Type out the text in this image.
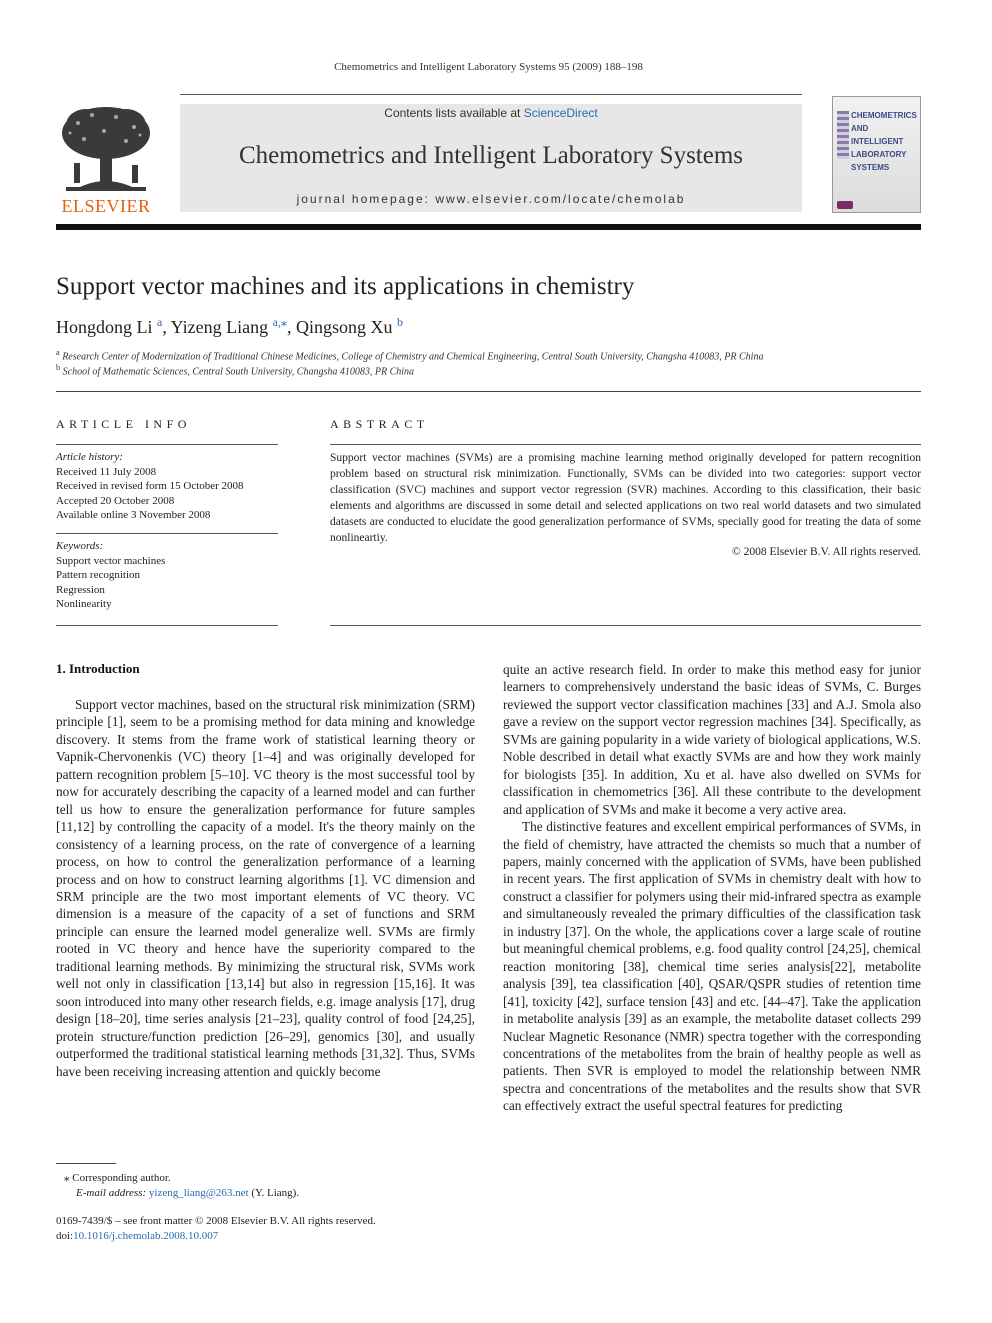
Chemometrics and Intelligent Laboratory Systems 95 (2009) 188–198
ELSEVIER
Contents lists available at ScienceDirect
Chemometrics and Intelligent Laboratory Systems
journal homepage: www.elsevier.com/locate/chemolab
CHEMOMETRICS
AND INTELLIGENT
LABORATORY
SYSTEMS
Support vector machines and its applications in chemistry
Hongdong Li $^a$, Yizeng Liang $^{a,⁎}$, Qingsong Xu $^b$
$^a$ Research Center of Modernization of Traditional Chinese Medicines, College of Chemistry and Chemical Engineering, Central South University, Changsha 410083, PR China
$^b$ School of Mathematic Sciences, Central South University, Changsha 410083, PR China
ARTICLE INFO	ABSTRACT
Article history:
Received 11 July 2008
Received in revised form 15 October 2008
Accepted 20 October 2008
Available online 3 November 2008
Keywords:
Support vector machines
Pattern recognition
Regression
Nonlinearity
Support vector machines (SVMs) are a promising machine learning method originally developed for pattern recognition problem based on structural risk minimization. Functionally, SVMs can be divided into two categories: support vector classification (SVC) machines and support vector regression (SVR) machines. According to this classification, their basic elements and algorithms are discussed in some detail and selected applications on two real world datasets and two simulated datasets are conducted to elucidate the good generalization performance of SVMs, specially good for treating the data of some nonlineartiy.
© 2008 Elsevier B.V. All rights reserved.
1. Introduction
Support vector machines, based on the structural risk minimization (SRM) principle [1], seem to be a promising method for data mining and knowledge discovery. It stems from the frame work of statistical learning theory or Vapnik-Chervonenkis (VC) theory [1–4] and was originally developed for pattern recognition problem [5–10]. VC theory is the most successful tool by now for accurately describing the capacity of a learned model and can further tell us how to ensure the generalization performance for future samples [11,12] by controlling the capacity of a model. It's the theory mainly on the consistency of a learning process, on the rate of convergence of a learning process, on how to control the generalization performance of a learning process and on how to construct learning algorithms [1]. VC dimension and SRM principle are the two most important elements of VC theory. VC dimension is a measure of the capacity of a set of functions and SRM principle can ensure the learned model generalize well. SVMs are firmly rooted in VC theory and hence have the superiority compared to the traditional learning methods. By minimizing the structural risk, SVMs work well not only in classification [13,14] but also in regression [15,16]. It was soon introduced into many other research fields, e.g. image analysis [17], drug design [18–20], time series analysis [21–23], quality control of food [24,25], protein structure/function prediction [26–29], genomics [30], and usually outperformed the traditional statistical learning methods [31,32]. Thus, SVMs have been receiving increasing attention and quickly become

quite an active research field. In order to make this method easy for junior learners to comprehensively understand the basic ideas of SVMs, C. Burges reviewed the support vector classification machines [33] and A.J. Smola also gave a review on the support vector regression machines [34]. Specifically, as SVMs are gaining popularity in a wide variety of biological applications, W.S. Noble described in detail what exactly SVMs are and how they work mainly for biologists [35]. In addition, Xu et al. have also dwelled on SVMs for classification in chemometrics [36]. All these contribute to the development and application of SVMs and make it become a very active area.

The distinctive features and excellent empirical performances of SVMs, in the field of chemistry, have attracted the chemists so much that a number of papers, mainly concerned with the application of SVMs, have been published in recent years. The first application of SVMs in chemistry dealt with how to construct a classifier for polymers using their mid-infrared spectra as example and simultaneously revealed the primary difficulties of the classification task in industry [37]. On the whole, the applications cover a large scale of routine but meaningful chemical problems, e.g. food quality control [24,25], chemical reaction monitoring [38], chemical time series analysis[22], metabolite analysis [39], tea classification [40], QSAR/QSPR studies of retention time [41], toxicity [42], surface tension [43] and etc. [44–47]. Take the application in metabolite analysis [39] as an example, the metabolite dataset collects 299 Nuclear Magnetic Resonance (NMR) spectra together with the corresponding concentrations of the metabolites from the brain of healthy people as well as patients. Then SVR is employed to model the relationship between NMR spectra and concentrations of the metabolites and the results show that SVR can effectively extract the useful spectral features for predicting

⁎ Corresponding author.
E-mail address: yizeng_liang@263.net (Y. Liang).
0169-7439/$ – see front matter © 2008 Elsevier B.V. All rights reserved.
doi:10.1016/j.chemolab.2008.10.007
